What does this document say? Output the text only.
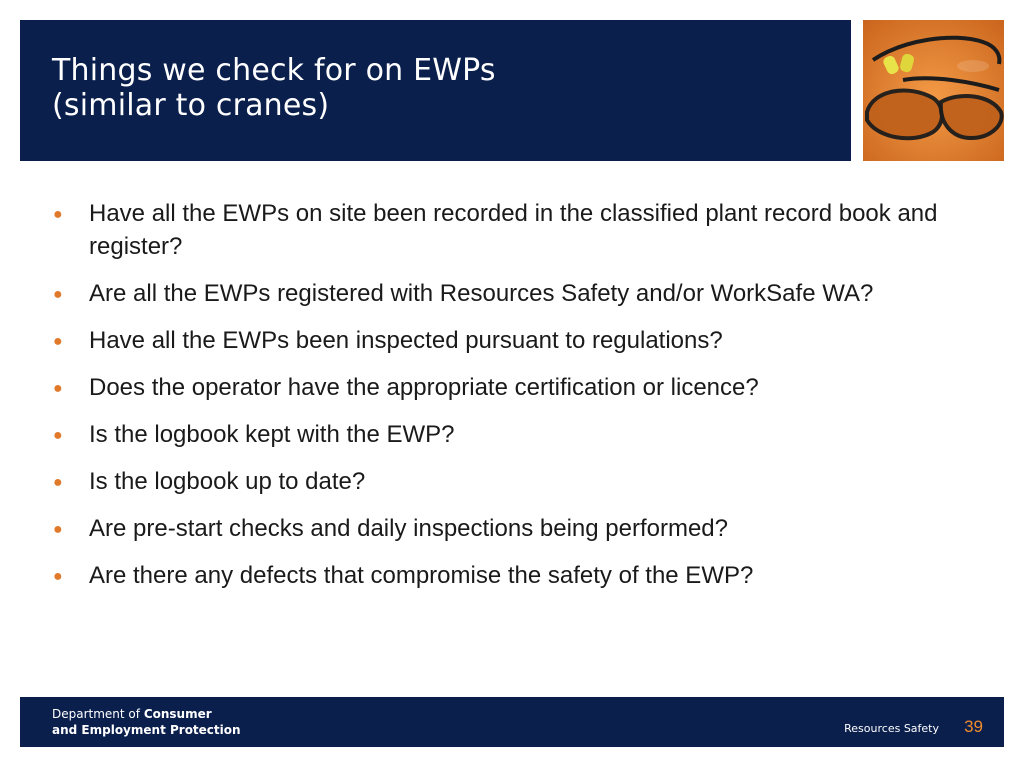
Things we check for on EWPs
(similar to cranes)
● Have all the EWPs on site been recorded in the classified plant record book and register?
● Are all the EWPs registered with Resources Safety and/or WorkSafe WA?
● Have all the EWPs been inspected pursuant to regulations?
● Does the operator have the appropriate certification or licence?
● Is the logbook kept with the EWP?
● Is the logbook up to date?
● Are pre-start checks and daily inspections being performed?
● Are there any defects that compromise the safety of the EWP?
Department of Consumer
and Employment Protection	Resources Safety 39
